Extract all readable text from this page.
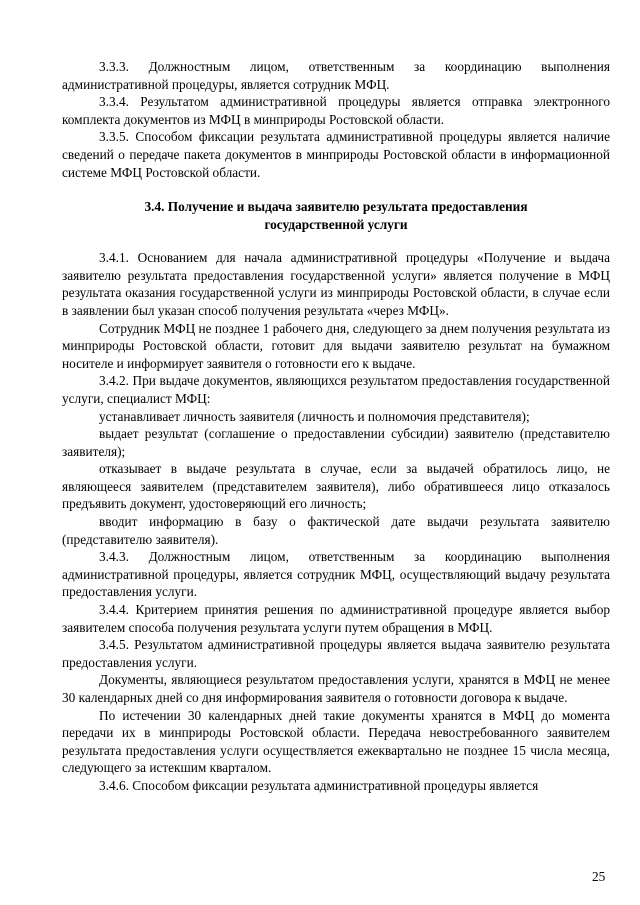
3.3.3. Должностным лицом, ответственным за координацию выполнения административной процедуры, является сотрудник МФЦ.

3.3.4. Результатом административной процедуры является отправка электронного комплекта документов из МФЦ в минприроды Ростовской области.

3.3.5. Способом фиксации результата административной процедуры является наличие сведений о передаче пакета документов в минприроды Ростовской области в информационной системе МФЦ Ростовской области.

3.4. Получение и выдача заявителю результата предоставления
государственной услуги

3.4.1. Основанием для начала административной процедуры «Получение и выдача заявителю результата предоставления государственной услуги» является получение в МФЦ результата оказания государственной услуги из минприроды Ростовской области, в случае если в заявлении был указан способ получения результата «через МФЦ».

Сотрудник МФЦ не позднее 1 рабочего дня, следующего за днем получения результата из минприроды Ростовской области, готовит для выдачи заявителю результат на бумажном носителе и информирует заявителя о готовности его к выдаче.

3.4.2. При выдаче документов, являющихся результатом предоставления государственной услуги, специалист МФЦ:

устанавливает личность заявителя (личность и полномочия представителя);

выдает результат (соглашение о предоставлении субсидии) заявителю (представителю заявителя);

отказывает в выдаче результата в случае, если за выдачей обратилось лицо, не являющееся заявителем (представителем заявителя), либо обратившееся лицо отказалось предъявить документ, удостоверяющий его личность;

вводит информацию в базу о фактической дате выдачи результата заявителю (представителю заявителя).

3.4.3. Должностным лицом, ответственным за координацию выполнения административной процедуры, является сотрудник МФЦ, осуществляющий выдачу результата предоставления услуги.

3.4.4. Критерием принятия решения по административной процедуре является выбор заявителем способа получения результата услуги путем обращения в МФЦ.

3.4.5. Результатом административной процедуры является выдача заявителю результата предоставления услуги.

Документы, являющиеся результатом предоставления услуги, хранятся в МФЦ не менее 30 календарных дней со дня информирования заявителя о готовности договора к выдаче.

По истечении 30 календарных дней такие документы хранятся в МФЦ до момента передачи их в минприроды Ростовской области. Передача невостребованного заявителем результата предоставления услуги осуществляется ежеквартально не позднее 15 числа месяца, следующего за истекшим кварталом.

3.4.6. Способом фиксации результата административной процедуры является

25
